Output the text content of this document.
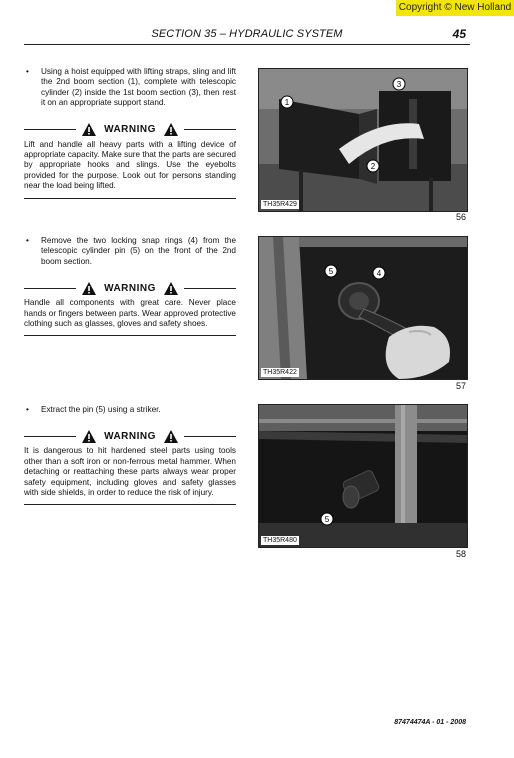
Copyright © New Holland
SECTION 35 – HYDRAULIC SYSTEM	45
• Using a hoist equipped with lifting straps, sling and lift the 2nd boom section (1), complete with telescopic cylinder (2) inside the 1st boom section (3), then rest it on an appropriate support stand.
WARNING
Lift and handle all heavy parts with a lifting device of appropriate capacity. Make sure that the parts are secured by appropriate hooks and slings. Use the eyebolts provided for the purpose. Look out for persons standing near the load being lifted.
1
2
3
TH35R429
56
• Remove the two locking snap rings (4) from the telescopic cylinder pin (5) on the front of the 2nd boom section.
WARNING
Handle all components with great care. Never place hands or fingers between parts. Wear approved protective clothing such as glasses, gloves and safety shoes.
5	4
TH35R422
57
• Extract the pin (5) using a striker.
WARNING
It is dangerous to hit hardened steel parts using tools other than a soft iron or non-ferrous metal hammer. When detaching or reattaching these parts always wear proper safety equipment, including gloves and safety glasses with side shields, in order to reduce the risk of injury.
5
TH35R480
58
87474474A - 01 - 2008
